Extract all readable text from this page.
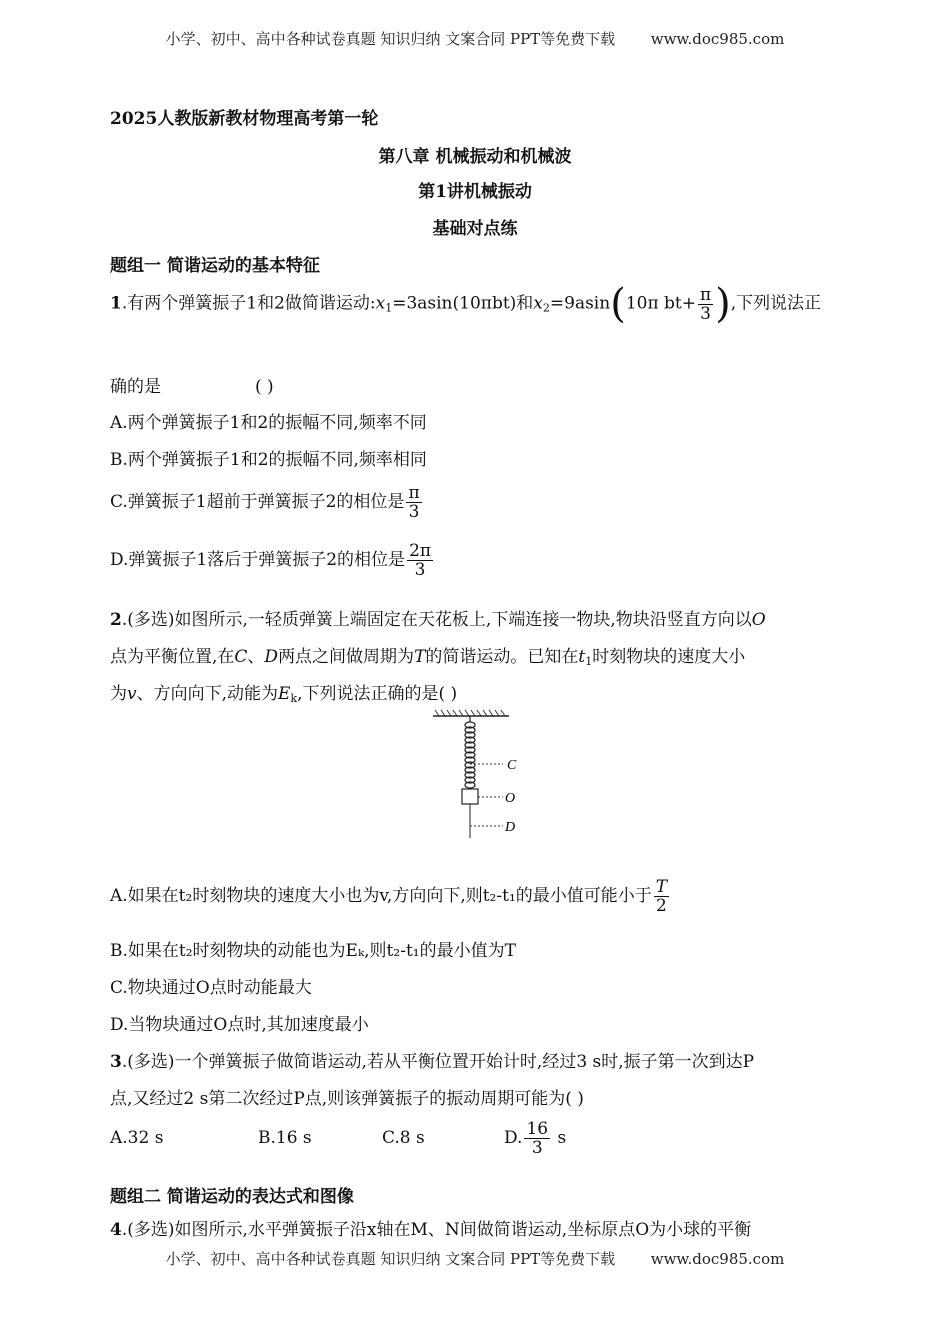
小学、初中、高中各种试卷真题 知识归纳 文案合同 PPT等免费下载 www.doc985.com
2025人教版新教材物理高考第一轮
第八章 机械振动和机械波
第1讲机械振动
基础对点练
题组一 简谐运动的基本特征
1.有两个弹簧振子1和2做简谐运动$:x_1=3asin(10\pi bt)$和$x_2=9asin(10\pi$ $bt+ \frac{\pi}{3}$ ),下列说法正
确的是	( )
A.两个弹簧振子1和2的振幅不同,频率不同
B.两个弹簧振子1和2的振幅不同,频率相同
C.弹簧振子1超前于弹簧振子2的相位是 $\frac{\pi}{3}$
D.弹簧振子1落后于弹簧振子2的相位是 $\frac{2\pi}{3}$
2.(多选)如图所示,一轻质弹簧上端固定在天花板上,下端连接一物块,物块沿竖直方向以O
点为平衡位置,在C、D两点之间做周期为T的简谐运动。已知在$t_1$时刻物块的速度大小
为v、方向向下,动能为$E_k$,下列说法正确的是( )
C
O
D
A.如果在t₂时刻物块的速度大小也为v,方向向下,则t₂-t₁的最小值可能小于 $\frac{T}{2}$
B.如果在t₂时刻物块的动能也为Eₖ,则t₂-t₁的最小值为T
C.物块通过O点时动能最大
D.当物块通过O点时,其加速度最小
3.(多选)一个弹簧振子做简谐运动,若从平衡位置开始计时,经过3 s时,振子第一次到达P
点,又经过2 s第二次经过P点,则该弹簧振子的振动周期可能为( )
A.32 s	B.16 s	C.8 s	D. $\frac{16}{3}$ s
题组二 简谐运动的表达式和图像
4.(多选)如图所示,水平弹簧振子沿x轴在M、N间做简谐运动,坐标原点O为小球的平衡
小学、初中、高中各种试卷真题 知识归纳 文案合同 PPT等免费下载 www.doc985.com
